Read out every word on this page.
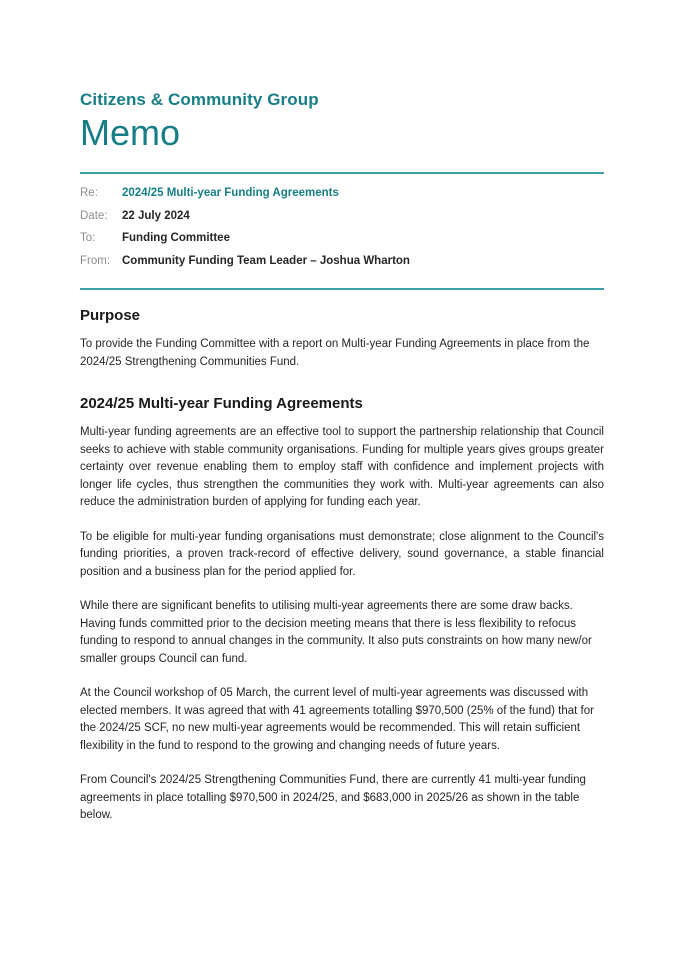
Citizens & Community Group
Memo
Re:	2024/25 Multi-year Funding Agreements
Date:	22 July 2024
To:	Funding Committee
From:	Community Funding Team Leader – Joshua Wharton
Purpose

To provide the Funding Committee with a report on Multi-year Funding Agreements in place from the 2024/25 Strengthening Communities Fund.

2024/25 Multi-year Funding Agreements

Multi-year funding agreements are an effective tool to support the partnership relationship that Council seeks to achieve with stable community organisations. Funding for multiple years gives groups greater certainty over revenue enabling them to employ staff with confidence and implement projects with longer life cycles, thus strengthen the communities they work with. Multi-year agreements can also reduce the administration burden of applying for funding each year.

To be eligible for multi-year funding organisations must demonstrate; close alignment to the Council's funding priorities, a proven track-record of effective delivery, sound governance, a stable financial position and a business plan for the period applied for.

While there are significant benefits to utilising multi-year agreements there are some draw backs. Having funds committed prior to the decision meeting means that there is less flexibility to refocus funding to respond to annual changes in the community. It also puts constraints on how many new/or smaller groups Council can fund.

At the Council workshop of 05 March, the current level of multi-year agreements was discussed with elected members. It was agreed that with 41 agreements totalling $970,500 (25% of the fund) that for the 2024/25 SCF, no new multi-year agreements would be recommended. This will retain sufficient flexibility in the fund to respond to the growing and changing needs of future years.

From Council's 2024/25 Strengthening Communities Fund, there are currently 41 multi-year funding agreements in place totalling $970,500 in 2024/25, and $683,000 in 2025/26 as shown in the table below.
